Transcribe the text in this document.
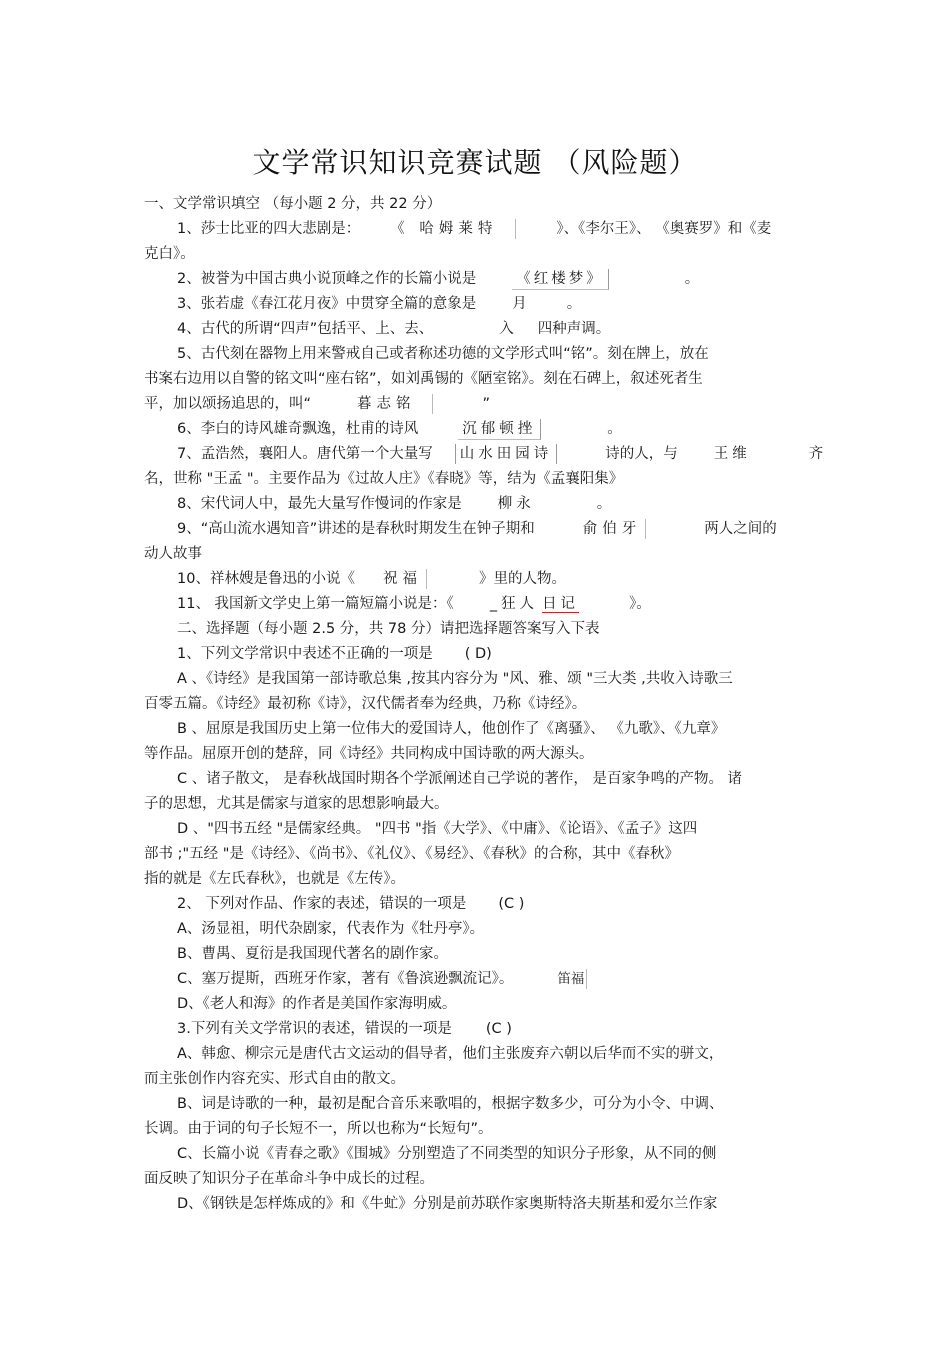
文学常识知识竞赛试题 （风险题）
一、文学常识填空 （每小题 2 分，共 22 分）
1、莎士比亚的四大悲剧是： 《 哈姆莱特	》、《李尔王》、 《奥赛罗》和《麦
克白》。
2、被誉为中国古典小说顶峰之作的长篇小说是	《红楼梦》	。
3、张若虚《春江花月夜》中贯穿全篇的意象是 月	。
4、古代的所谓“四声”包括平、上、去、	入 四种声调。
5、古代刻在器物上用来警戒自己或者称述功德的文学形式叫“铭”。刻在牌上，放在
书案右边用以自警的铭文叫“座右铭”，如刘禹锡的《陋室铭》。刻在石碑上，叙述死者生
平，加以颂扬追思的，叫“	暮志铭	”
6、李白的诗风雄奇飘逸，杜甫的诗风	沉郁顿挫	。
7、孟浩然，襄阳人。唐代第一个大量写 山水田园诗	诗的人，与 王维	齐
名，世称 "王孟 "。主要作品为《过故人庄》《春晓》等，结为《孟襄阳集》
8、宋代词人中，最先大量写作慢词的作家是 柳永	。
9、“高山流水遇知音”讲述的是春秋时期发生在钟子期和	俞伯牙	两人之间的
动人故事
10、祥林嫂是鲁迅的小说《 祝福	》里的人物。
11、 我国新文学史上第一篇短篇小说是：《 _狂人 日记	》。
二、选择题（每小题 2.5 分，共 78 分）请把选择题答案写入下表
1、下列文学常识中表述不正确的一项是 ( D)
A 、《诗经》是我国第一部诗歌总集 ,按其内容分为 "风、雅、颂 "三大类 ,共收入诗歌三
百零五篇。《诗经》最初称《诗》，汉代儒者奉为经典，乃称《诗经》。
B 、屈原是我国历史上第一位伟大的爱国诗人，他创作了《离骚》、 《九歌》、《九章》
等作品。屈原开创的楚辞，同《诗经》共同构成中国诗歌的两大源头。
C 、诸子散文， 是春秋战国时期各个学派阐述自己学说的著作， 是百家争鸣的产物。 诸
子的思想，尤其是儒家与道家的思想影响最大。
D 、"四书五经 "是儒家经典。 "四书 "指《大学》、《中庸》、《论语》、《孟子》这四
部书 ;"五经 "是《诗经》、《尚书》、《礼仪》、《易经》、《春秋》的合称，其中《春秋》
指的就是《左氏春秋》，也就是《左传》。
2、 下列对作品、作家的表述，错误的一项是 (C )
A、汤显祖，明代杂剧家，代表作为《牡丹亭》。
B、曹禺、夏衍是我国现代著名的剧作家。
C、塞万提斯，西班牙作家，著有《鲁滨逊飘流记》。	笛福
D、《老人和海》的作者是美国作家海明威。
3.下列有关文学常识的表述，错误的一项是 (C )
A、韩愈、柳宗元是唐代古文运动的倡导者，他们主张废弃六朝以后华而不实的骈文，
而主张创作内容充实、形式自由的散文。
B、词是诗歌的一种，最初是配合音乐来歌唱的，根据字数多少，可分为小令、中调、
长调。由于词的句子长短不一，所以也称为“长短句”。
C、长篇小说《青春之歌》《围城》分别塑造了不同类型的知识分子形象，从不同的侧
面反映了知识分子在革命斗争中成长的过程。
D、《钢铁是怎样炼成的》和《牛虻》分别是前苏联作家奥斯特洛夫斯基和爱尔兰作家
